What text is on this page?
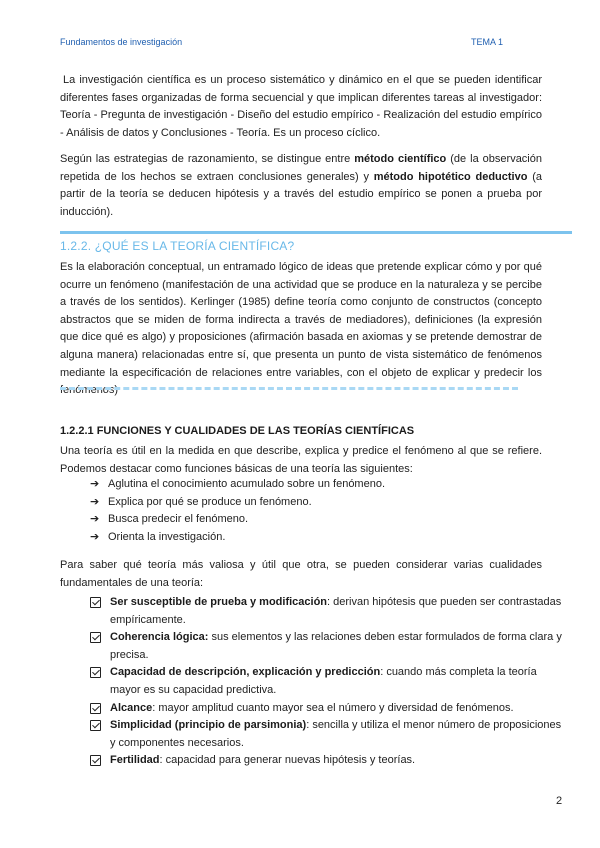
Fundamentos de investigación	TEMA 1

La investigación científica es un proceso sistemático y dinámico en el que se pueden identificar diferentes fases organizadas de forma secuencial y que implican diferentes tareas al investigador: Teoría - Pregunta de investigación - Diseño del estudio empírico - Realización del estudio empírico - Análisis de datos y Conclusiones - Teoría. Es un proceso cíclico.

Según las estrategias de razonamiento, se distingue entre método científico (de la observación repetida de los hechos se extraen conclusiones generales) y método hipotético deductivo (a partir de la teoría se deducen hipótesis y a través del estudio empírico se ponen a prueba por inducción).

1.2.2. ¿QUÉ ES LA TEORÍA CIENTÍFICA?

Es la elaboración conceptual, un entramado lógico de ideas que pretende explicar cómo y por qué ocurre un fenómeno (manifestación de una actividad que se produce en la naturaleza y se percibe a través de los sentidos). Kerlinger (1985) define teoría como conjunto de constructos (concepto abstractos que se miden de forma indirecta a través de mediadores), definiciones (la expresión que dice qué es algo) y proposiciones (afirmación basada en axiomas y se pretende demostrar de alguna manera) relacionadas entre sí, que presenta un punto de vista sistemático de fenómenos mediante la especificación de relaciones entre variables, con el objeto de explicar y predecir los fenómenos)

1.2.2.1 FUNCIONES Y CUALIDADES DE LAS TEORÍAS CIENTÍFICAS

Una teoría es útil en la medida en que describe, explica y predice el fenómeno al que se refiere. Podemos destacar como funciones básicas de una teoría las siguientes:

➔ Aglutina el conocimiento acumulado sobre un fenómeno.
➔ Explica por qué se produce un fenómeno.
➔ Busca predecir el fenómeno.
➔ Orienta la investigación.

Para saber qué teoría más valiosa y útil que otra, se pueden considerar varias cualidades fundamentales de una teoría:

Ser susceptible de prueba y modificación: derivan hipótesis que pueden ser contrastadas empíricamente.
Coherencia lógica: sus elementos y las relaciones deben estar formulados de forma clara y precisa.
Capacidad de descripción, explicación y predicción: cuando más completa la teoría mayor es su capacidad predictiva.
Alcance: mayor amplitud cuanto mayor sea el número y diversidad de fenómenos.
Simplicidad (principio de parsimonia): sencilla y utiliza el menor número de proposiciones y componentes necesarios.
Fertilidad: capacidad para generar nuevas hipótesis y teorías.
2
